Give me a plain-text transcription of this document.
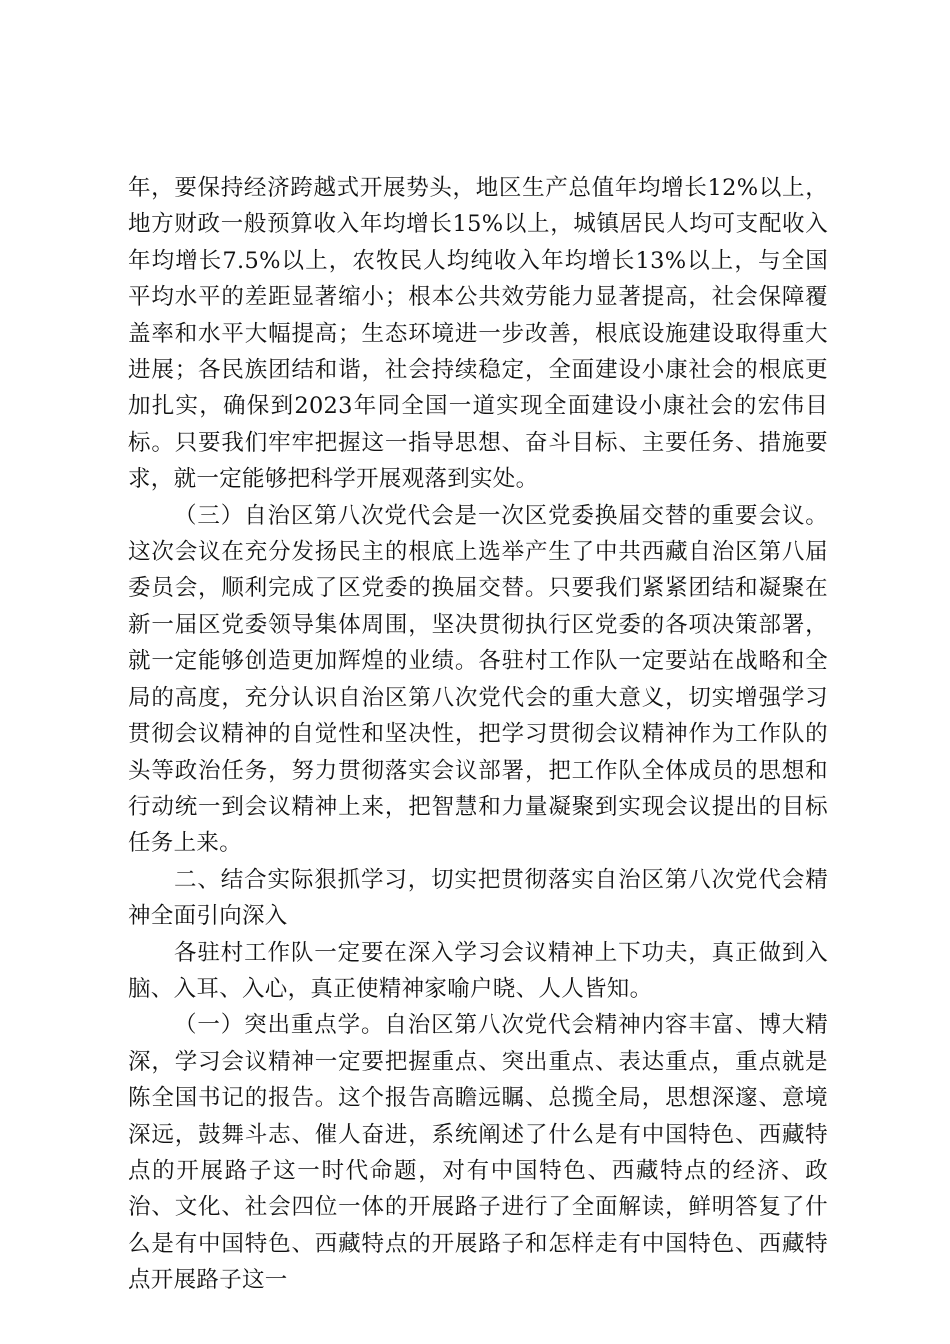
年，要保持经济跨越式开展势头，地区生产总值年均增长12%以上，地方财政一般预算收入年均增长15%以上，城镇居民人均可支配收入年均增长7.5%以上，农牧民人均纯收入年均增长13%以上，与全国平均水平的差距显著缩小；根本公共效劳能力显著提高，社会保障覆盖率和水平大幅提高；生态环境进一步改善，根底设施建设取得重大进展；各民族团结和谐，社会持续稳定，全面建设小康社会的根底更加扎实，确保到2023年同全国一道实现全面建设小康社会的宏伟目标。只要我们牢牢把握这一指导思想、奋斗目标、主要任务、措施要求，就一定能够把科学开展观落到实处。

（三）自治区第八次党代会是一次区党委换届交替的重要会议。这次会议在充分发扬民主的根底上选举产生了中共西藏自治区第八届委员会，顺利完成了区党委的换届交替。只要我们紧紧团结和凝聚在新一届区党委领导集体周围，坚决贯彻执行区党委的各项决策部署，就一定能够创造更加辉煌的业绩。各驻村工作队一定要站在战略和全局的高度，充分认识自治区第八次党代会的重大意义，切实增强学习贯彻会议精神的自觉性和坚决性，把学习贯彻会议精神作为工作队的头等政治任务，努力贯彻落实会议部署，把工作队全体成员的思想和行动统一到会议精神上来，把智慧和力量凝聚到实现会议提出的目标任务上来。

二、结合实际狠抓学习，切实把贯彻落实自治区第八次党代会精神全面引向深入

各驻村工作队一定要在深入学习会议精神上下功夫，真正做到入脑、入耳、入心，真正使精神家喻户晓、人人皆知。

（一）突出重点学。自治区第八次党代会精神内容丰富、博大精深，学习会议精神一定要把握重点、突出重点、表达重点，重点就是陈全国书记的报告。这个报告高瞻远瞩、总揽全局，思想深邃、意境深远，鼓舞斗志、催人奋进，系统阐述了什么是有中国特色、西藏特点的开展路子这一时代命题，对有中国特色、西藏特点的经济、政治、文化、社会四位一体的开展路子进行了全面解读，鲜明答复了什么是有中国特色、西藏特点的开展路子和怎样走有中国特色、西藏特点开展路子这一
